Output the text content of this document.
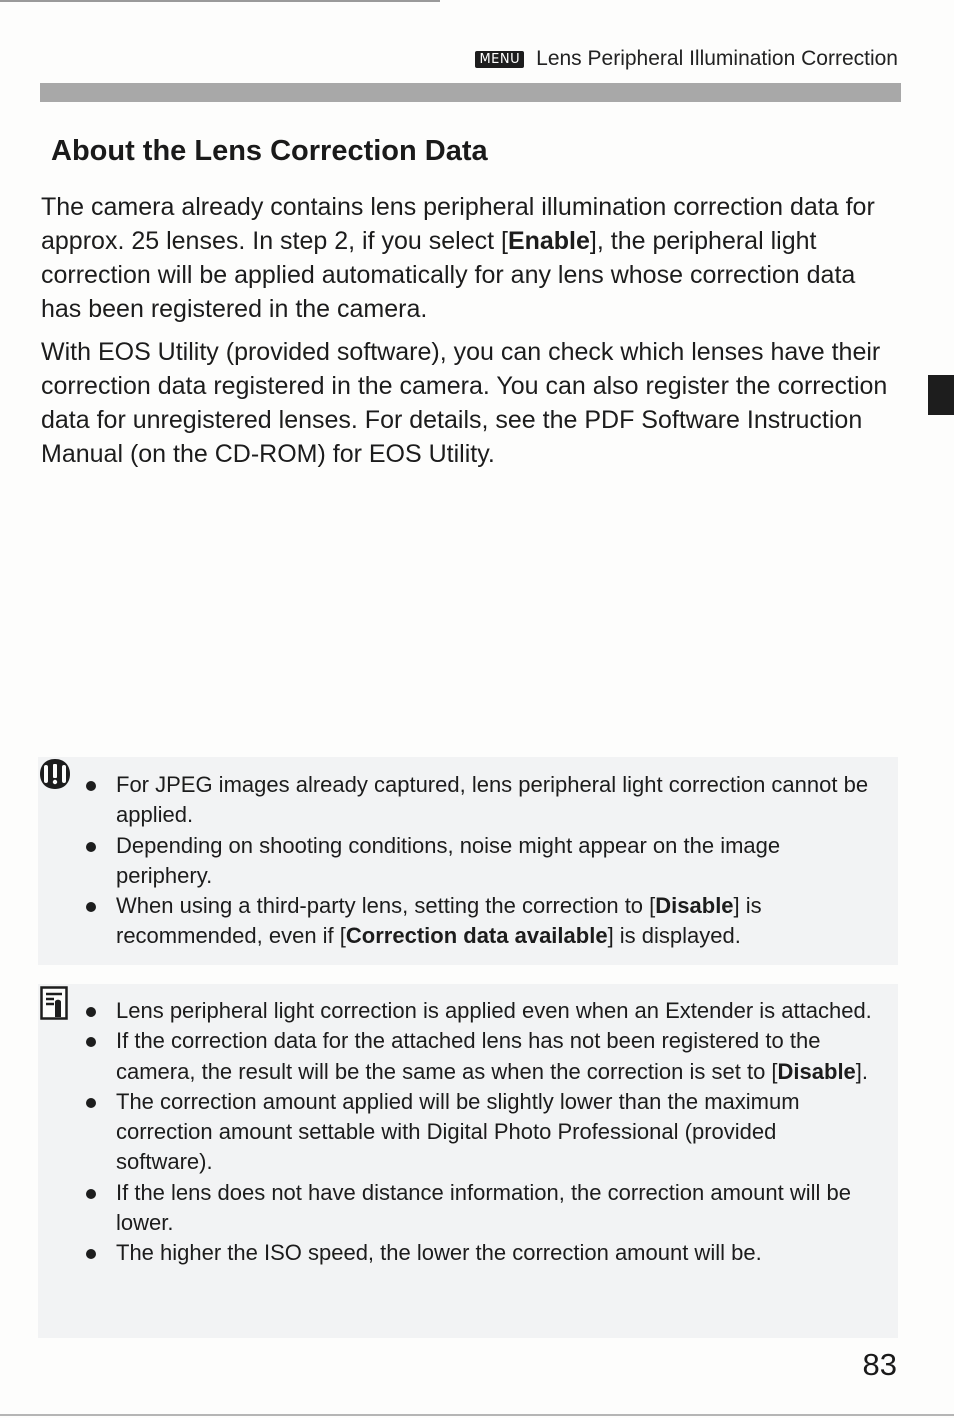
MENU Lens Peripheral Illumination Correction
About the Lens Correction Data

The camera already contains lens peripheral illumination correction data for approx. 25 lenses. In step 2, if you select [Enable], the peripheral light correction will be applied automatically for any lens whose correction data has been registered in the camera.

With EOS Utility (provided software), you can check which lenses have their correction data registered in the camera. You can also register the correction data for unregistered lenses. For details, see the PDF Software Instruction Manual (on the CD-ROM) for EOS Utility.

For JPEG images already captured, lens peripheral light correction cannot be applied.
Depending on shooting conditions, noise might appear on the image periphery.
When using a third-party lens, setting the correction to [Disable] is recommended, even if [Correction data available] is displayed.
Lens peripheral light correction is applied even when an Extender is attached.
If the correction data for the attached lens has not been registered to the camera, the result will be the same as when the correction is set to [Disable].
The correction amount applied will be slightly lower than the maximum correction amount settable with Digital Photo Professional (provided software).
If the lens does not have distance information, the correction amount will be lower.
The higher the ISO speed, the lower the correction amount will be.
83
